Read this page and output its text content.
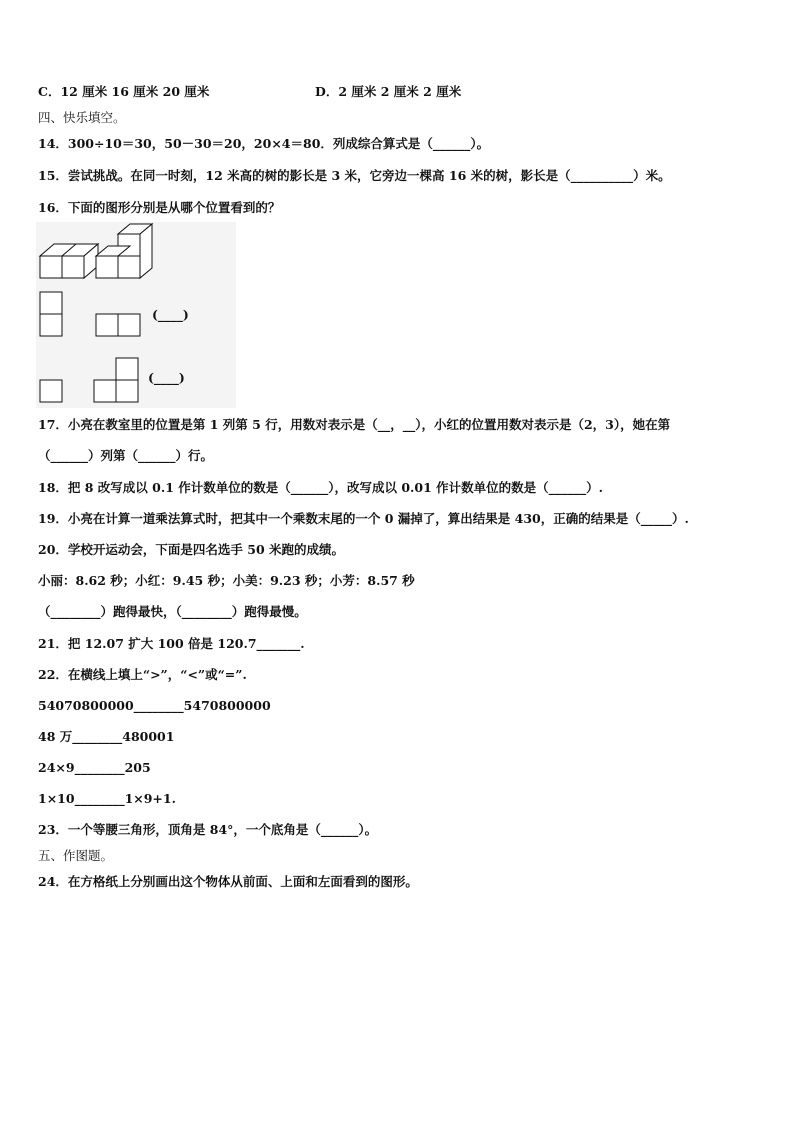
C．12 厘米 16 厘米 20 厘米	D．2 厘米 2 厘米 2 厘米
四、快乐填空。
14．300÷10＝30，50－30＝20，20×4＝80．列成综合算式是（______）。
15．尝试挑战。在同一时刻，12 米高的树的影长是 3 米，它旁边一棵高 16 米的树，影长是（__________）米。
16．下面的图形分别是从哪个位置看到的？
(____)
(____)
17．小亮在教室里的位置是第 1 列第 5 行，用数对表示是（__，__），小红的位置用数对表示是（2，3），她在第
（______）列第（______）行。
18．把 8 改写成以 0.1 作计数单位的数是（______），改写成以 0.01 作计数单位的数是（______）.
19．小亮在计算一道乘法算式时，把其中一个乘数末尾的一个 0 漏掉了，算出结果是 430，正确的结果是（_____）.
20．学校开运动会，下面是四名选手 50 米跑的成绩。
小丽：8.62 秒；小红：9.45 秒；小美：9.23 秒；小芳：8.57 秒
（________）跑得最快，（________）跑得最慢。
21．把 12.07 扩大 100 倍是 120.7_______.
22．在横线上填上“>”，“<”或“=”.
54070800000________5470800000
48 万________480001
24×9________205
1×10________1×9+1.
23．一个等腰三角形，顶角是 84°，一个底角是（______）。
五、作图题。
24．在方格纸上分别画出这个物体从前面、上面和左面看到的图形。
